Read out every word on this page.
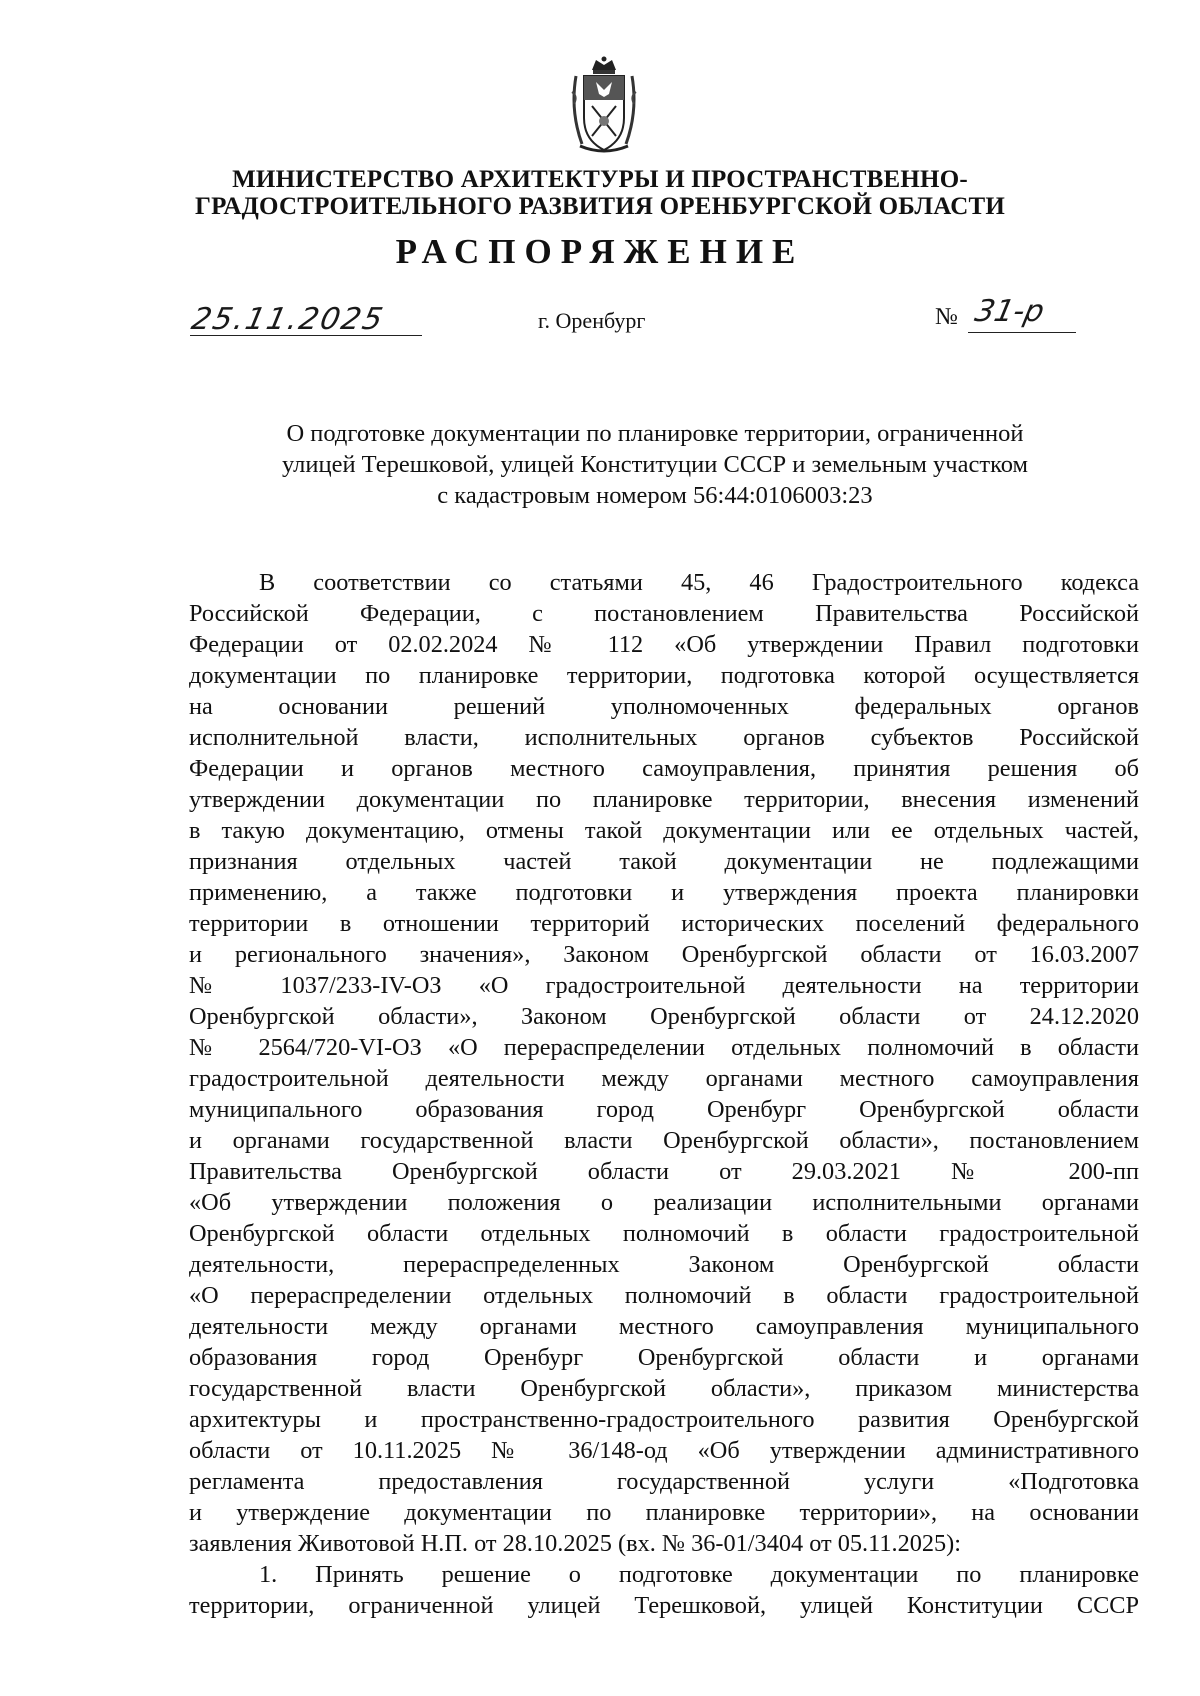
МИНИСТЕРСТВО АРХИТЕКТУРЫ И ПРОСТРАНСТВЕННО-
ГРАДОСТРОИТЕЛЬНОГО РАЗВИТИЯ ОРЕНБУРГСКОЙ ОБЛАСТИ
РАСПОРЯЖЕНИЕ
25.11.2025	г. Оренбург	№ 31-р
О подготовке документации по планировке территории, ограниченной
улицей Терешковой, улицей Конституции СССР и земельным участком
с кадастровым номером 56:44:0106003:23
В соответствии со статьями 45, 46 Градостроительного кодекса
Российской Федерации, с постановлением Правительства Российской
Федерации от 02.02.2024 № 112 «Об утверждении Правил подготовки
документации по планировке территории, подготовка которой осуществляется
на основании решений уполномоченных федеральных органов
исполнительной власти, исполнительных органов субъектов Российской
Федерации и органов местного самоуправления, принятия решения об
утверждении документации по планировке территории, внесения изменений
в такую документацию, отмены такой документации или ее отдельных частей,
признания отдельных частей такой документации не подлежащими
применению, а также подготовки и утверждения проекта планировки
территории в отношении территорий исторических поселений федерального
и регионального значения», Законом Оренбургской области от 16.03.2007
№ 1037/233-IV-ОЗ «О градостроительной деятельности на территории
Оренбургской области», Законом Оренбургской области от 24.12.2020
№ 2564/720-VI-ОЗ «О перераспределении отдельных полномочий в области
градостроительной деятельности между органами местного самоуправления
муниципального образования город Оренбург Оренбургской области
и органами государственной власти Оренбургской области», постановлением
Правительства Оренбургской области от 29.03.2021 № 200-пп
«Об утверждении положения о реализации исполнительными органами
Оренбургской области отдельных полномочий в области градостроительной
деятельности, перераспределенных Законом Оренбургской области
«О перераспределении отдельных полномочий в области градостроительной
деятельности между органами местного самоуправления муниципального
образования город Оренбург Оренбургской области и органами
государственной власти Оренбургской области», приказом министерства
архитектуры и пространственно-градостроительного развития Оренбургской
области от 10.11.2025 № 36/148-од «Об утверждении административного
регламента предоставления государственной услуги «Подготовка
и утверждение документации по планировке территории», на основании
заявления Животовой Н.П. от 28.10.2025 (вх. № 36-01/3404 от 05.11.2025):
1. Принять решение о подготовке документации по планировке
территории, ограниченной улицей Терешковой, улицей Конституции СССР
